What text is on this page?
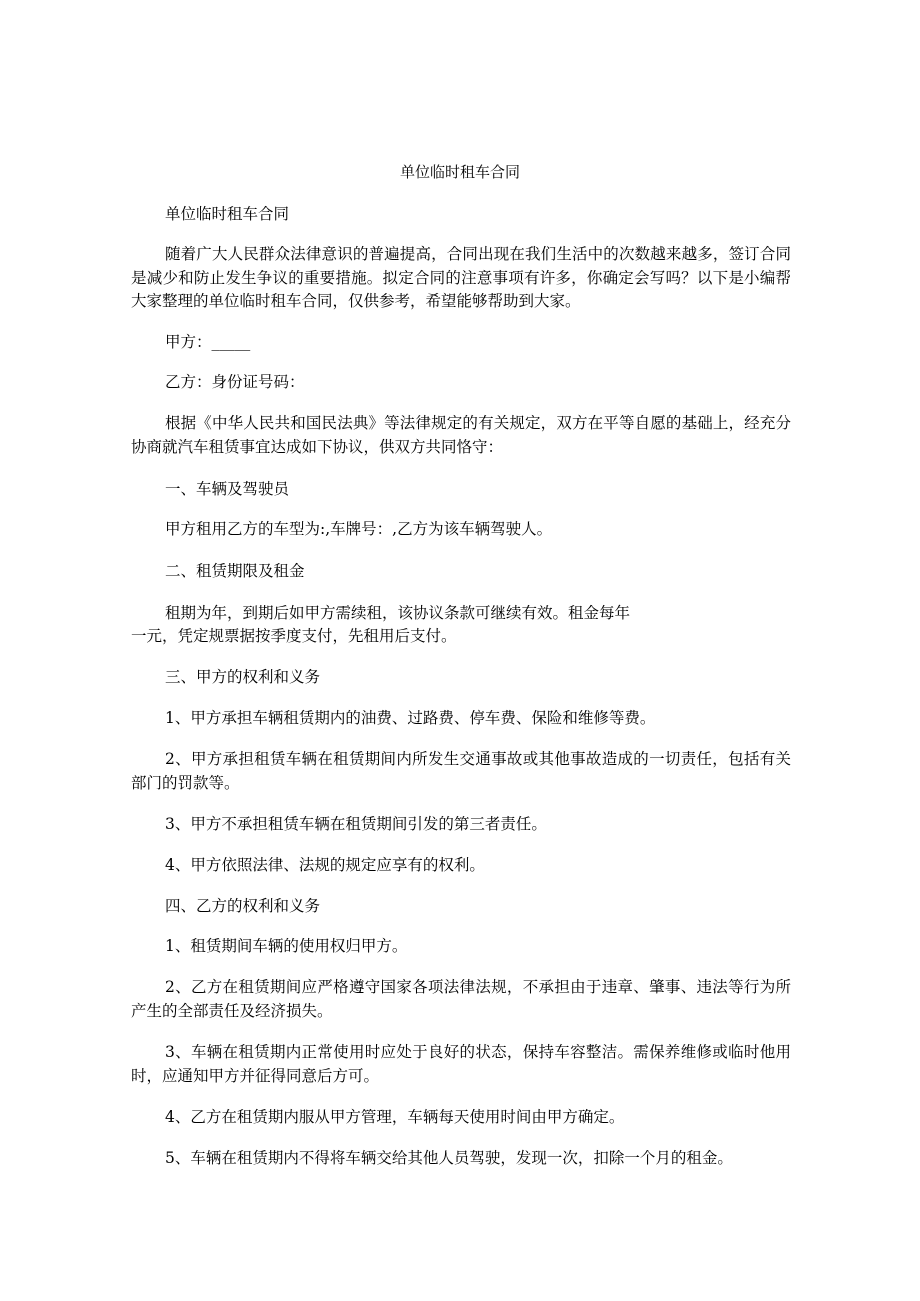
单位临时租车合同

单位临时租车合同

随着广大人民群众法律意识的普遍提高，合同出现在我们生活中的次数越来越多，签订合同是减少和防止发生争议的重要措施。拟定合同的注意事项有许多，你确定会写吗？以下是小编帮大家整理的单位临时租车合同，仅供参考，希望能够帮助到大家。

甲方：_____

乙方：身份证号码：

根据《中华人民共和国民法典》等法律规定的有关规定，双方在平等自愿的基础上，经充分协商就汽车租赁事宜达成如下协议，供双方共同恪守：

一、车辆及驾驶员

甲方租用乙方的车型为:,车牌号：,乙方为该车辆驾驶人。

二、租赁期限及租金

租期为年，到期后如甲方需续租，该协议条款可继续有效。租金每年

一元，凭定规票据按季度支付，先租用后支付。

三、甲方的权利和义务

1、甲方承担车辆租赁期内的油费、过路费、停车费、保险和维修等费。

2、甲方承担租赁车辆在租赁期间内所发生交通事故或其他事故造成的一切责任，包括有关部门的罚款等。

3、甲方不承担租赁车辆在租赁期间引发的第三者责任。

4、甲方依照法律、法规的规定应享有的权利。

四、乙方的权利和义务

1、租赁期间车辆的使用权归甲方。

2、乙方在租赁期间应严格遵守国家各项法律法规，不承担由于违章、肇事、违法等行为所产生的全部责任及经济损失。

3、车辆在租赁期内正常使用时应处于良好的状态，保持车容整洁。需保养维修或临时他用时，应通知甲方并征得同意后方可。

4、乙方在租赁期内服从甲方管理，车辆每天使用时间由甲方确定。

5、车辆在租赁期内不得将车辆交给其他人员驾驶，发现一次，扣除一个月的租金。
